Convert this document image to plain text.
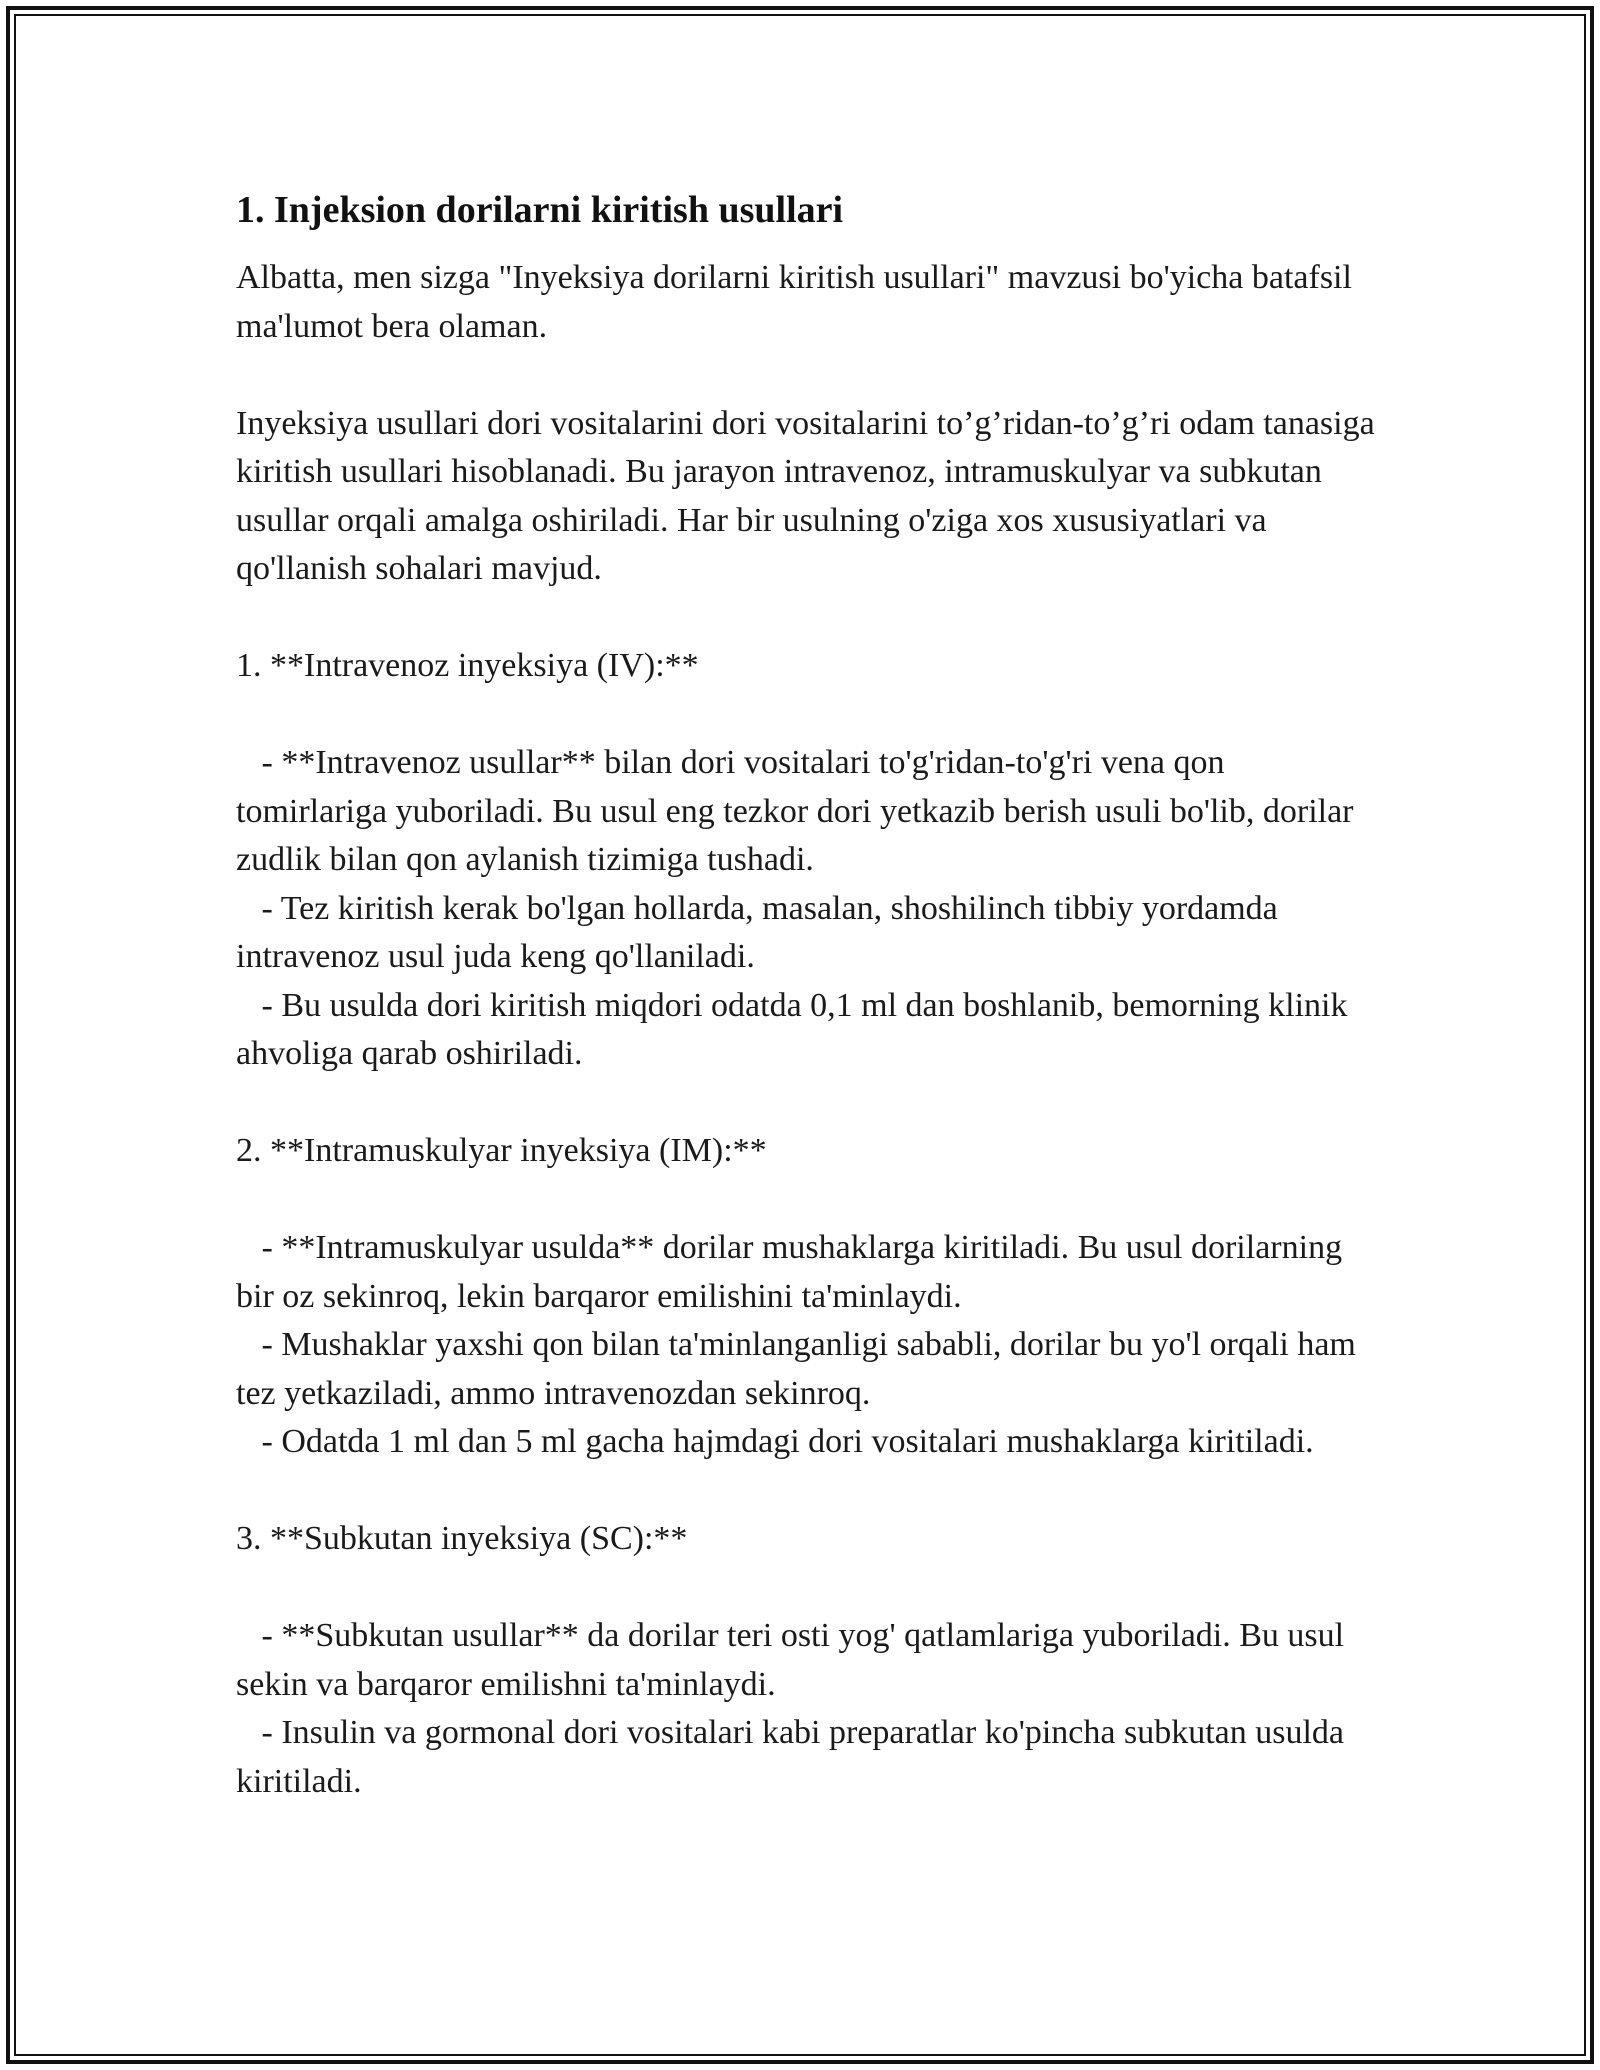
1. Injeksion dorilarni kiritish usullari

Albatta, men sizga "Inyeksiya dorilarni kiritish usullari" mavzusi bo'yicha batafsil ma'lumot bera olaman.

Inyeksiya usullari dori vositalarini dori vositalarini to’g’ridan-to’g’ri odam tanasiga kiritish usullari hisoblanadi. Bu jarayon intravenoz, intramuskulyar va subkutan usullar orqali amalga oshiriladi. Har bir usulning o'ziga xos xususiyatlari va qo'llanish sohalari mavjud.

1. **Intravenoz inyeksiya (IV):**

- **Intravenoz usullar** bilan dori vositalari to'g'ridan-to'g'ri vena qon tomirlariga yuboriladi. Bu usul eng tezkor dori yetkazib berish usuli bo'lib, dorilar zudlik bilan qon aylanish tizimiga tushadi.
- Tez kiritish kerak bo'lgan hollarda, masalan, shoshilinch tibbiy yordamda intravenoz usul juda keng qo'llaniladi.
- Bu usulda dori kiritish miqdori odatda 0,1 ml dan boshlanib, bemorning klinik ahvoliga qarab oshiriladi.

2. **Intramuskulyar inyeksiya (IM):**

- **Intramuskulyar usulda** dorilar mushaklarga kiritiladi. Bu usul dorilarning bir oz sekinroq, lekin barqaror emilishini ta'minlaydi.
- Mushaklar yaxshi qon bilan ta'minlanganligi sababli, dorilar bu yo'l orqali ham tez yetkaziladi, ammo intravenozdan sekinroq.
- Odatda 1 ml dan 5 ml gacha hajmdagi dori vositalari mushaklarga kiritiladi.

3. **Subkutan inyeksiya (SC):**

- **Subkutan usullar** da dorilar teri osti yog' qatlamlariga yuboriladi. Bu usul sekin va barqaror emilishni ta'minlaydi.
- Insulin va gormonal dori vositalari kabi preparatlar ko'pincha subkutan usulda kiritiladi.
